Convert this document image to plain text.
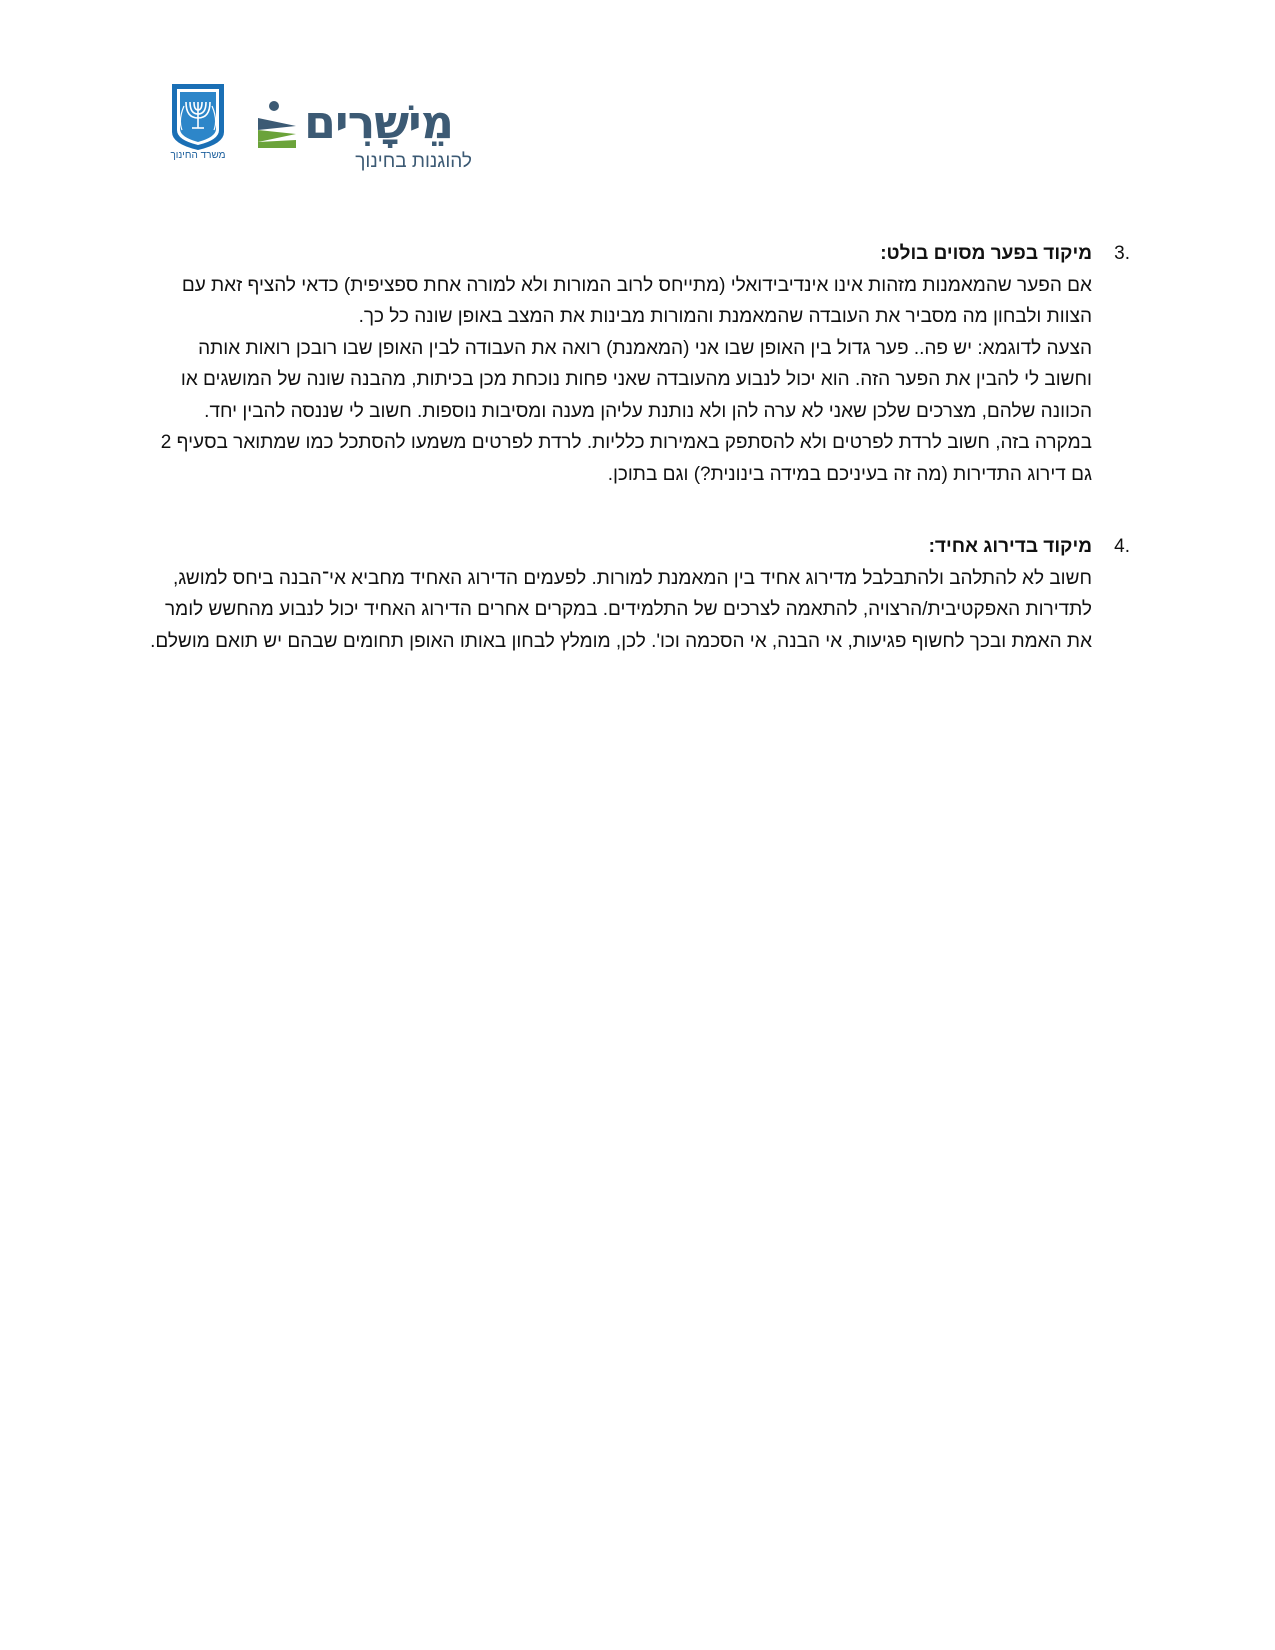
משרד החינוך
מֵישָׁרִים
להוגנות בחינוך
3.
מיקוד בפער מסוים בולט:

אם הפער שהמאמנות מזהות אינו אינדיבידואלי (מתייחס לרוב המורות ולא למורה אחת ספציפית) כדאי להציף זאת עם הצוות ולבחון מה מסביר את העובדה שהמאמנת והמורות מבינות את המצב באופן שונה כל כך.

הצעה לדוגמא: יש פה.. פער גדול בין האופן שבו אני (המאמנת) רואה את העבודה לבין האופן שבו רובכן רואות אותה וחשוב לי להבין את הפער הזה. הוא יכול לנבוע מהעובדה שאני פחות נוכחת מכן בכיתות, מהבנה שונה של המושגים או הכוונה שלהם, מצרכים שלכן שאני לא ערה להן ולא נותנת עליהן מענה ומסיבות נוספות. חשוב לי שננסה להבין יחד.

במקרה בזה, חשוב לרדת לפרטים ולא להסתפק באמירות כלליות. לרדת לפרטים משמעו להסתכל כמו שמתואר בסעיף 2 גם דירוג התדירות (מה זה בעיניכם במידה בינונית?) וגם בתוכן.

4.
מיקוד בדירוג אחיד:

חשוב לא להתלהב ולהתבלבל מדירוג אחיד בין המאמנת למורות. לפעמים הדירוג האחיד מחביא אי־הבנה ביחס למושג, לתדירות האפקטיבית/הרצויה, להתאמה לצרכים של התלמידים. במקרים אחרים הדירוג האחיד יכול לנבוע מהחשש לומר את האמת ובכך לחשוף פגיעות, אי הבנה, אי הסכמה וכו'. לכן, מומלץ לבחון באותו האופן תחומים שבהם יש תואם מושלם.
